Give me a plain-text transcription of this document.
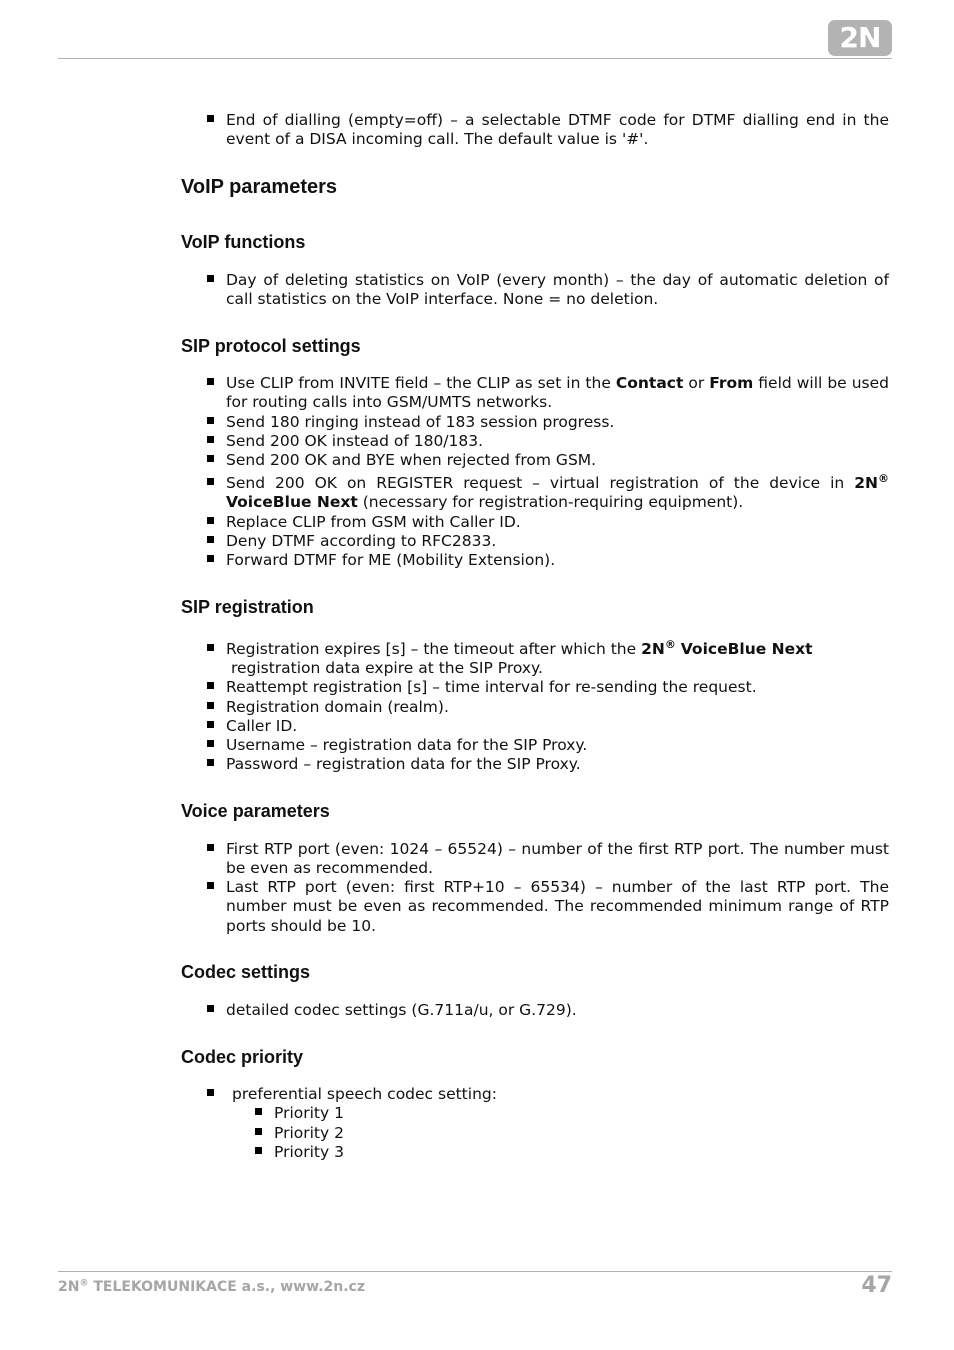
2N
End of dialling (empty=off) – a selectable DTMF code for DTMF dialling end in the event of a DISA incoming call. The default value is '#'.
VoIP parameters
VoIP functions
Day of deleting statistics on VoIP (every month) – the day of automatic deletion of call statistics on the VoIP interface. None = no deletion.
SIP protocol settings
Use CLIP from INVITE field – the CLIP as set in the Contact or From field will be used for routing calls into GSM/UMTS networks.
Send 180 ringing instead of 183 session progress.
Send 200 OK instead of 180/183.
Send 200 OK and BYE when rejected from GSM.
Send 200 OK on REGISTER request – virtual registration of the device in 2N® VoiceBlue Next (necessary for registration-requiring equipment).
Replace CLIP from GSM with Caller ID.
Deny DTMF according to RFC2833.
Forward DTMF for ME (Mobility Extension).
SIP registration
Registration expires [s] – the timeout after which the 2N® VoiceBlue Next
registration data expire at the SIP Proxy.
Reattempt registration [s] – time interval for re-sending the request.
Registration domain (realm).
Caller ID.
Username – registration data for the SIP Proxy.
Password – registration data for the SIP Proxy.
Voice parameters
First RTP port (even: 1024 – 65524) – number of the first RTP port. The number must be even as recommended.
Last RTP port (even: first RTP+10 – 65534) – number of the last RTP port. The number must be even as recommended. The recommended minimum range of RTP ports should be 10.
Codec settings
detailed codec settings (G.711a/u, or G.729).
Codec priority
preferential speech codec setting:
Priority 1
Priority 2
Priority 3
2N® TELEKOMUNIKACE a.s., www.2n.cz	47
